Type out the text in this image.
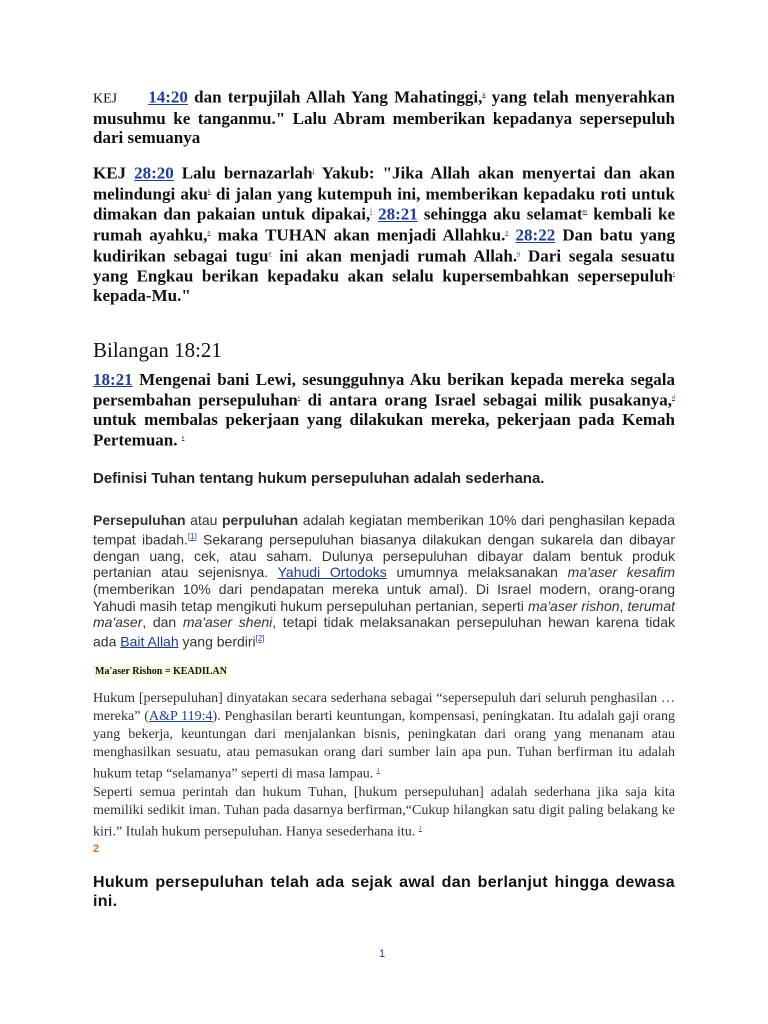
KEJ 14:20 dan terpujilah Allah Yang Mahatinggi,$^g$ yang telah menyerahkan musuhmu ke tanganmu." Lalu Abram memberikan kepadanya sepersepuluh dari semuanya
KEJ 28:20 Lalu bernazarlah$^j$ Yakub: "Jika Allah akan menyertai dan akan melindungi aku$^k$ di jalan yang kutempuh ini, memberikan kepadaku roti untuk dimakan dan pakaian untuk dipakai,$^l$ 28:21 sehingga aku selamat$^m$ kembali ke rumah ayahku,$^n$ maka TUHAN akan menjadi Allahku.$^o$ 28:22 Dan batu yang kudirikan sebagai tugu$^p$ ini akan menjadi rumah Allah.$^q$ Dari segala sesuatu yang Engkau berikan kepadaku akan selalu kupersembahkan sepersepuluh$^r$ kepada-Mu."
Bilangan 18:21
18:21 Mengenai bani Lewi, sesungguhnya Aku berikan kepada mereka segala persembahan persepuluhan$^c$ di antara orang Israel sebagai milik pusakanya,$^d$ untuk membalas pekerjaan yang dilakukan mereka, pekerjaan pada Kemah Pertemuan. $^e$
Definisi Tuhan tentang hukum persepuluhan adalah sederhana.
Persepuluhan atau perpuluhan adalah kegiatan memberikan 10% dari penghasilan kepada tempat ibadah.[1] Sekarang persepuluhan biasanya dilakukan dengan sukarela dan dibayar dengan uang, cek, atau saham. Dulunya persepuluhan dibayar dalam bentuk produk pertanian atau sejenisnya. Yahudi Ortodoks umumnya melaksanakan ma'aser kesafim (memberikan 10% dari pendapatan mereka untuk amal). Di Israel modern, orang-orang Yahudi masih tetap mengikuti hukum persepuluhan pertanian, seperti ma'aser rishon, terumat ma'aser, dan ma'aser sheni, tetapi tidak melaksanakan persepuluhan hewan karena tidak ada Bait Allah yang berdiri[2]
Ma'aser Rishon = KEADILAN
Hukum [persepuluhan] dinyatakan secara sederhana sebagai “sepersepuluh dari seluruh penghasilan … mereka” (A&P 119:4). Penghasilan berarti keuntungan, kompensasi, peningkatan. Itu adalah gaji orang yang bekerja, keuntungan dari menjalankan bisnis, peningkatan dari orang yang menanam atau menghasilkan sesuatu, atau pemasukan orang dari sumber lain apa pun. Tuhan berfirman itu adalah hukum tetap “selamanya” seperti di masa lampau. $^1$
Seperti semua perintah dan hukum Tuhan, [hukum persepuluhan] adalah sederhana jika saja kita memiliki sedikit iman. Tuhan pada dasarnya berfirman,“Cukup hilangkan satu digit paling belakang ke kiri.” Itulah hukum persepuluhan. Hanya sesederhana itu. $^1$
2
Hukum persepuluhan telah ada sejak awal dan berlanjut hingga dewasa ini.
1
